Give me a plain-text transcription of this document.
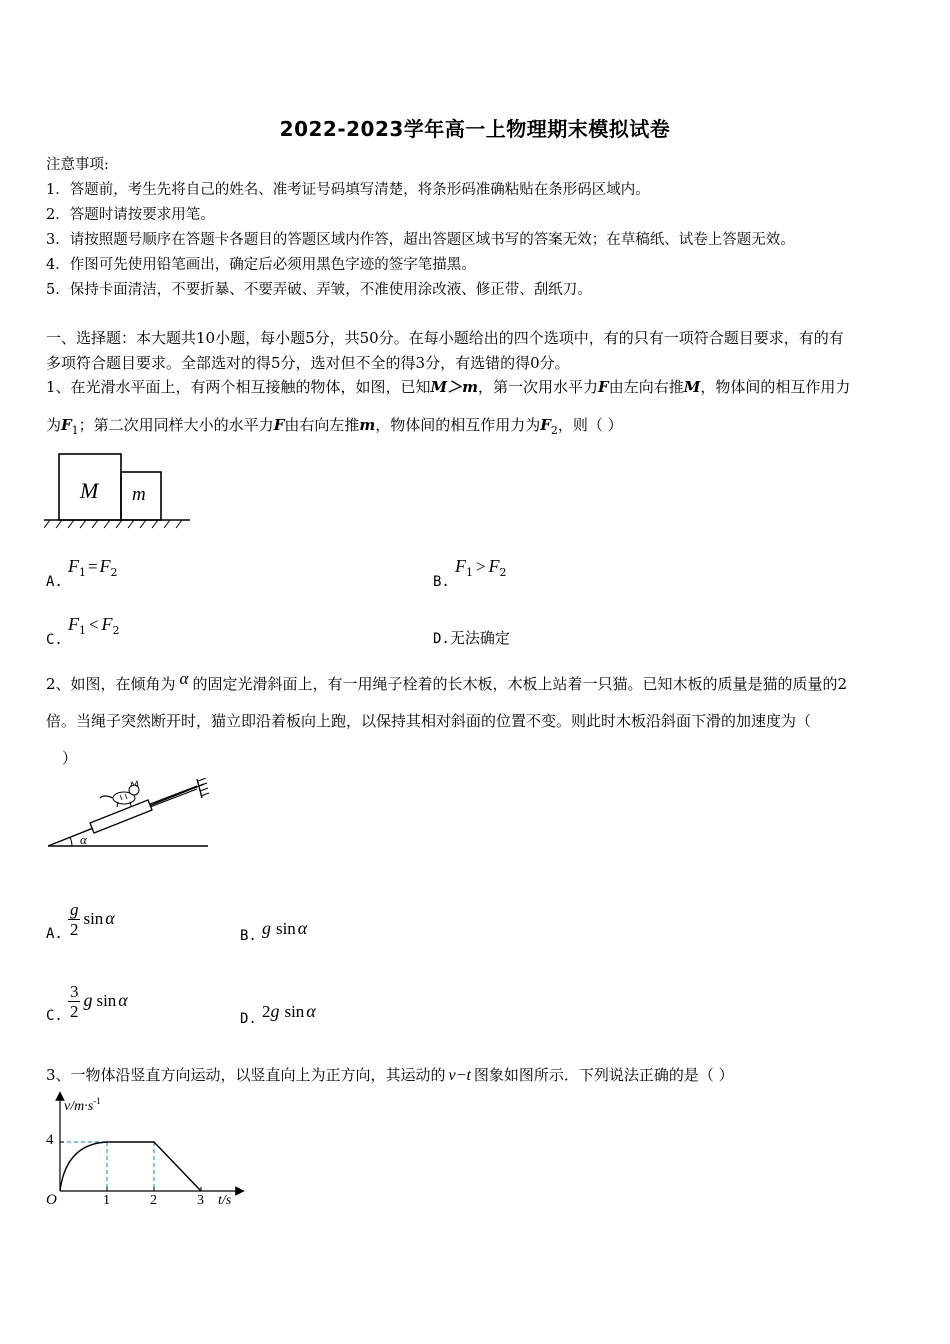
2022-2023学年高一上物理期末模拟试卷
注意事项:
1．答题前，考生先将自己的姓名、准考证号码填写清楚，将条形码准确粘贴在条形码区域内。
2．答题时请按要求用笔。
3．请按照题号顺序在答题卡各题目的答题区域内作答，超出答题区域书写的答案无效；在草稿纸、试卷上答题无效。
4．作图可先使用铅笔画出，确定后必须用黑色字迹的签字笔描黑。
5．保持卡面清洁，不要折暴、不要弄破、弄皱，不准使用涂改液、修正带、刮纸刀。
一、选择题：本大题共10小题，每小题5分，共50分。在每小题给出的四个选项中，有的只有一项符合题目要求，有的有
多项符合题目要求。全部选对的得5分，选对但不全的得3分，有选错的得0分。
1、在光滑水平面上，有两个相互接触的物体，如图，已知M＞m，第一次用水平力F由左向右推M，物体间的相互作用力
为$F_1$；第二次用同样大小的水平力F由右向左推m，物体间的相互作用力为$F_2$，则（ ）
M m
A. $F_1 = F_2$
B. $F_1 > F_2$
C. $F_1 < F_2$
D.无法确定
2、如图，在倾角为 α 的固定光滑斜面上，有一用绳子栓着的长木板，木板上站着一只猫。已知木板的质量是猫的质量的2
倍。当绳子突然断开时，猫立即沿着板向上跑，以保持其相对斜面的位置不变。则此时木板沿斜面下滑的加速度为（
）
α
A. $\frac{g}{2}$ sin α
B. g sin α
C. $\frac{3}{2}$ g sin α
D. 2g sin α
3、一物体沿竖直方向运动，以竖直向上为正方向，其运动的 v−t 图象如图所示．下列说法正确的是（ ）
$v/m\cdot s^{-1}$
4
O	1	2	3 t/s
